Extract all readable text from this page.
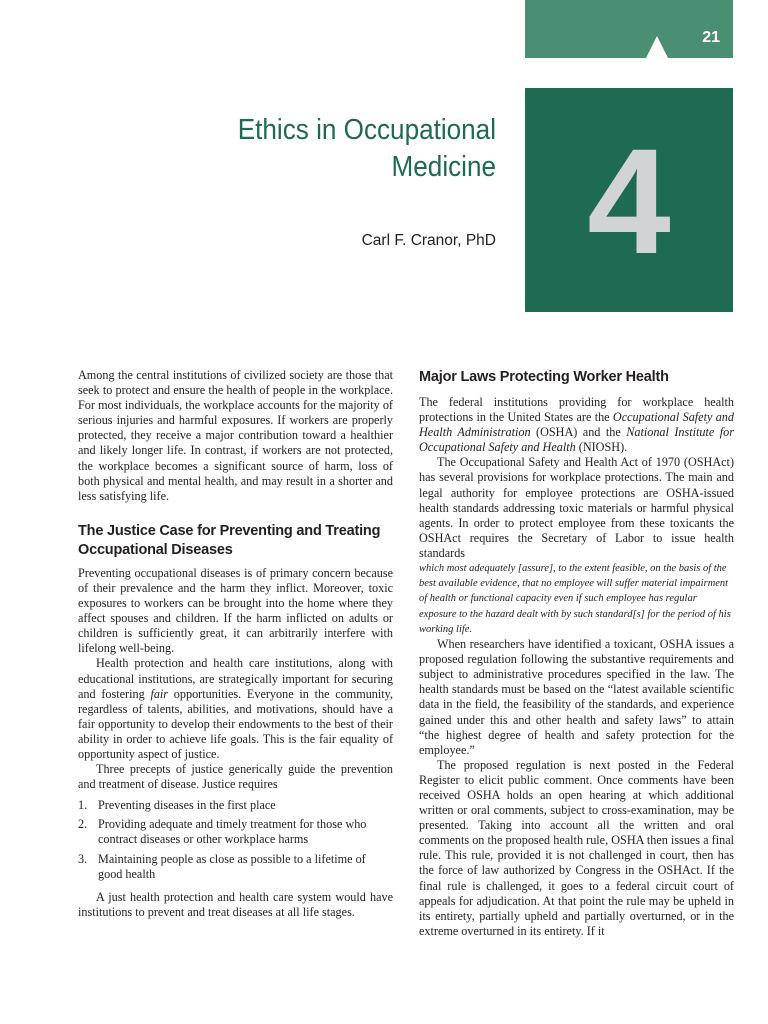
21
4
Ethics in Occupational
Medicine
Carl F. Cranor, PhD

Among the central institutions of civilized society are those that seek to protect and ensure the health of people in the workplace. For most individuals, the workplace accounts for the majority of serious injuries and harmful exposures. If workers are properly protected, they receive a major contribution toward a healthier and likely longer life. In contrast, if workers are not protected, the workplace becomes a significant source of harm, loss of both physical and mental health, and may result in a shorter and less satisfying life.

The Justice Case for Preventing and Treating Occupational Diseases

Preventing occupational diseases is of primary concern because of their prevalence and the harm they inflict. Moreover, toxic exposures to workers can be brought into the home where they affect spouses and children. If the harm inflicted on adults or children is sufficiently great, it can arbitrarily interfere with lifelong well-being.

Health protection and health care institutions, along with educational institutions, are strategically important for securing and fostering fair opportunities. Everyone in the community, regardless of talents, abilities, and motivations, should have a fair opportunity to develop their endowments to the best of their ability in order to achieve life goals. This is the fair equality of opportunity aspect of justice.

Three precepts of justice generically guide the prevention and treatment of disease. Justice requires

1. Preventing diseases in the first place
2. Providing adequate and timely treatment for those who contract diseases or other workplace harms
3. Maintaining people as close as possible to a lifetime of good health

A just health protection and health care system would have institutions to prevent and treat diseases at all life stages.

Major Laws Protecting Worker Health

The federal institutions providing for workplace health protections in the United States are the Occupational Safety and Health Administration (OSHA) and the National Institute for Occupational Safety and Health (NIOSH).

The Occupational Safety and Health Act of 1970 (OSHAct) has several provisions for workplace protections. The main and legal authority for employee protections are OSHA-issued health standards addressing toxic materials or harmful physical agents. In order to protect employee from these toxicants the OSHAct requires the Secretary of Labor to issue health standards

which most adequately [assure], to the extent feasible, on the basis of the best available evidence, that no employee will suffer material impairment of health or functional capacity even if such employee has regular exposure to the hazard dealt with by such standard[s] for the period of his working life.

When researchers have identified a toxicant, OSHA issues a proposed regulation following the substantive requirements and subject to administrative procedures specified in the law. The health standards must be based on the “latest available scientific data in the field, the feasibility of the standards, and experience gained under this and other health and safety laws” to attain “the highest degree of health and safety protection for the employee.”

The proposed regulation is next posted in the Federal Register to elicit public comment. Once comments have been received OSHA holds an open hearing at which additional written or oral comments, subject to cross-examination, may be presented. Taking into account all the written and oral comments on the proposed health rule, OSHA then issues a final rule. This rule, provided it is not challenged in court, then has the force of law authorized by Congress in the OSHAct. If the final rule is challenged, it goes to a federal circuit court of appeals for adjudication. At that point the rule may be upheld in its entirety, partially upheld and partially overturned, or in the extreme overturned in its entirety. If it
